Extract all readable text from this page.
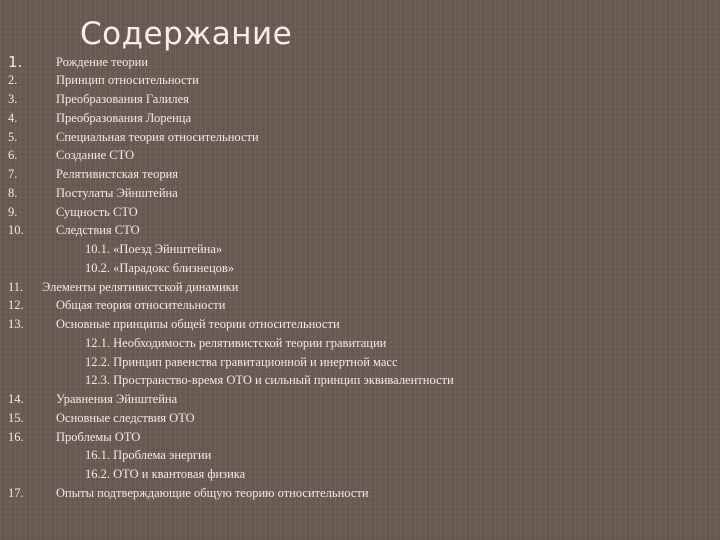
Содержание
1.	Рождение теории
2.	Принцип относительности
3.	Преобразования Галилея
4.	Преобразования Лоренца
5.	Специальная теория относительности
6.	Создание СТО
7.	Релятивистская теория
8.	Постулаты Эйнштейна
9.	Сущность СТО
10.	Следствия СТО
10.1. «Поезд Эйнштейна»
10.2. «Парадокс близнецов»
11. Элементы релятивистской динамики
12.	Общая теория относительности
13.	Основные принципы общей теории относительности
12.1. Необходимость релятивистской теории гравитации
12.2. Принцип равенства гравитационной и инертной масс
12.3. Пространство-время ОТО и сильный принцип эквивалентности
14.	Уравнения Эйнштейна
15.	Основные следствия ОТО
16.	Проблемы ОТО
16.1. Проблема энергии
16.2. ОТО и квантовая физика
17.	Опыты подтверждающие общую теорию относительности
